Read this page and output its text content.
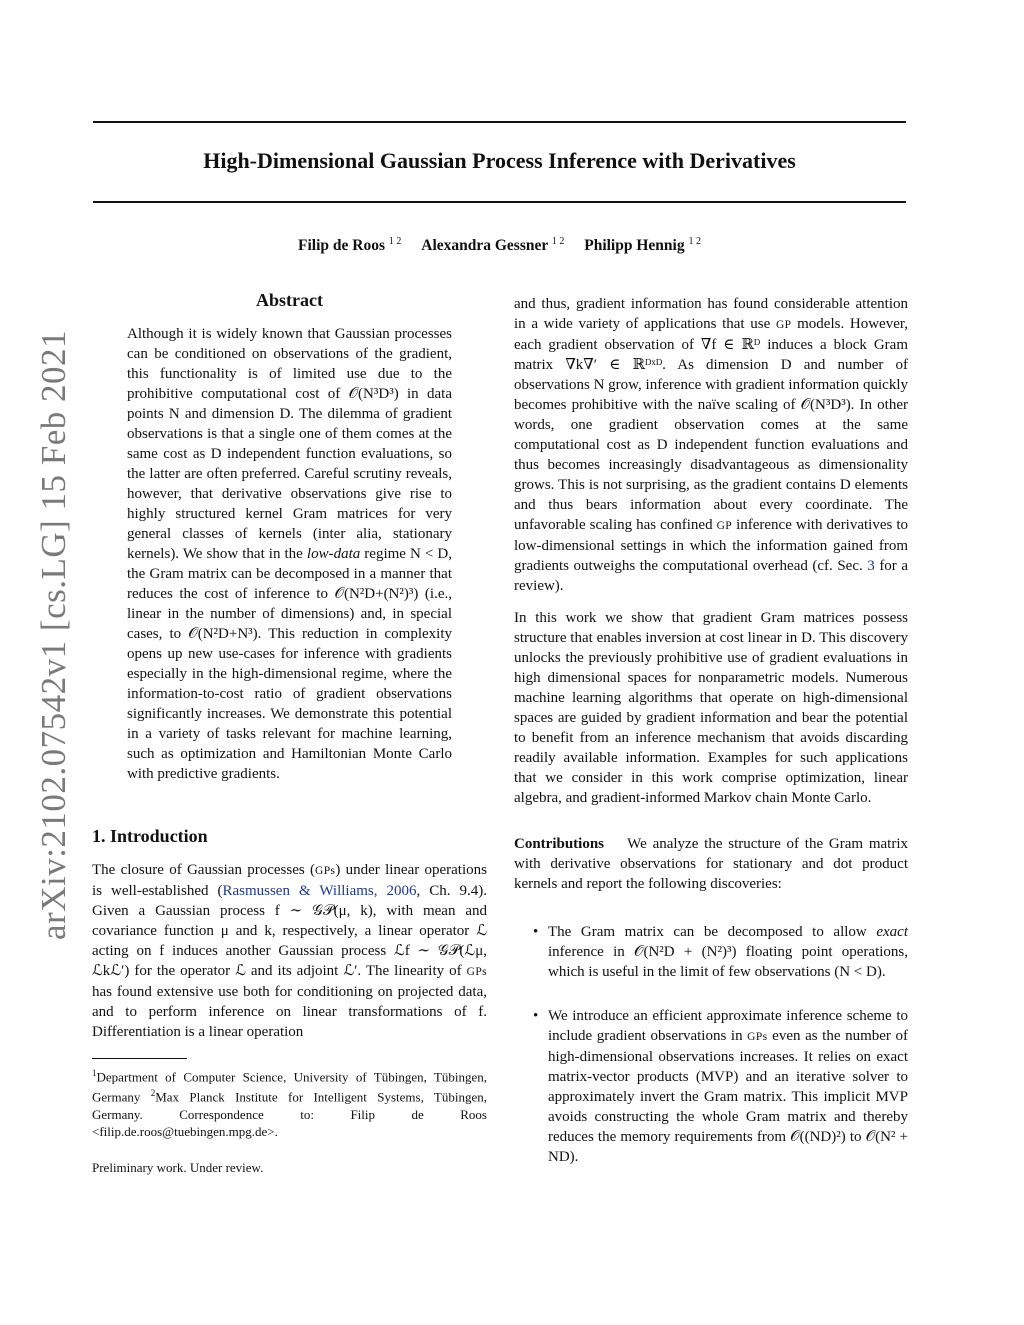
arXiv:2102.07542v1 [cs.LG] 15 Feb 2021
High-Dimensional Gaussian Process Inference with Derivatives
Filip de Roos $^{1 2}$ Alexandra Gessner $^{1 2}$ Philipp Hennig $^{1 2}$
Abstract

Although it is widely known that Gaussian processes can be conditioned on observations of the gradient, this functionality is of limited use due to the prohibitive computational cost of 𝒪(N³D³) in data points N and dimension D. The dilemma of gradient observations is that a single one of them comes at the same cost as D independent function evaluations, so the latter are often preferred. Careful scrutiny reveals, however, that derivative observations give rise to highly structured kernel Gram matrices for very general classes of kernels (inter alia, stationary kernels). We show that in the low-data regime N < D, the Gram matrix can be decomposed in a manner that reduces the cost of inference to 𝒪(N²D+(N²)³) (i.e., linear in the number of dimensions) and, in special cases, to 𝒪(N²D+N³). This reduction in complexity opens up new use-cases for inference with gradients especially in the high-dimensional regime, where the information-to-cost ratio of gradient observations significantly increases. We demonstrate this potential in a variety of tasks relevant for machine learning, such as optimization and Hamiltonian Monte Carlo with predictive gradients.

1. Introduction

The closure of Gaussian processes (GPs) under linear operations is well-established (Rasmussen & Williams, 2006, Ch. 9.4). Given a Gaussian process f ∼ 𝒢𝒫(μ, k), with mean and covariance function μ and k, respectively, a linear operator ℒ acting on f induces another Gaussian process ℒf ∼ 𝒢𝒫(ℒμ, ℒkℒ′) for the operator ℒ and its adjoint ℒ′. The linearity of GPs has found extensive use both for conditioning on projected data, and to perform inference on linear transformations of f. Differentiation is a linear operation

$^1$Department of Computer Science, University of Tübingen, Tübingen, Germany $^2$Max Planck Institute for Intelligent Systems, Tübingen, Germany. Correspondence to: Filip de Roos <filip.de.roos@tuebingen.mpg.de>.
Preliminary work. Under review.

and thus, gradient information has found considerable attention in a wide variety of applications that use GP models. However, each gradient observation of ∇f ∈ ℝᴰ induces a block Gram matrix ∇k∇′ ∈ ℝᴰˣᴰ. As dimension D and number of observations N grow, inference with gradient information quickly becomes prohibitive with the naïve scaling of 𝒪(N³D³). In other words, one gradient observation comes at the same computational cost as D independent function evaluations and thus becomes increasingly disadvantageous as dimensionality grows. This is not surprising, as the gradient contains D elements and thus bears information about every coordinate. The unfavorable scaling has confined GP inference with derivatives to low-dimensional settings in which the information gained from gradients outweighs the computational overhead (cf. Sec. 3 for a review).

In this work we show that gradient Gram matrices possess structure that enables inversion at cost linear in D. This discovery unlocks the previously prohibitive use of gradient evaluations in high dimensional spaces for nonparametric models. Numerous machine learning algorithms that operate on high-dimensional spaces are guided by gradient information and bear the potential to benefit from an inference mechanism that avoids discarding readily available information. Examples for such applications that we consider in this work comprise optimization, linear algebra, and gradient-informed Markov chain Monte Carlo.

Contributions We analyze the structure of the Gram matrix with derivative observations for stationary and dot product kernels and report the following discoveries:

• The Gram matrix can be decomposed to allow exact inference in 𝒪(N²D + (N²)³) floating point operations, which is useful in the limit of few observations (N < D).
• We introduce an efficient approximate inference scheme to include gradient observations in GPs even as the number of high-dimensional observations increases. It relies on exact matrix-vector products (MVP) and an iterative solver to approximately invert the Gram matrix. This implicit MVP avoids constructing the whole Gram matrix and thereby reduces the memory requirements from 𝒪((ND)²) to 𝒪(N² + ND).
